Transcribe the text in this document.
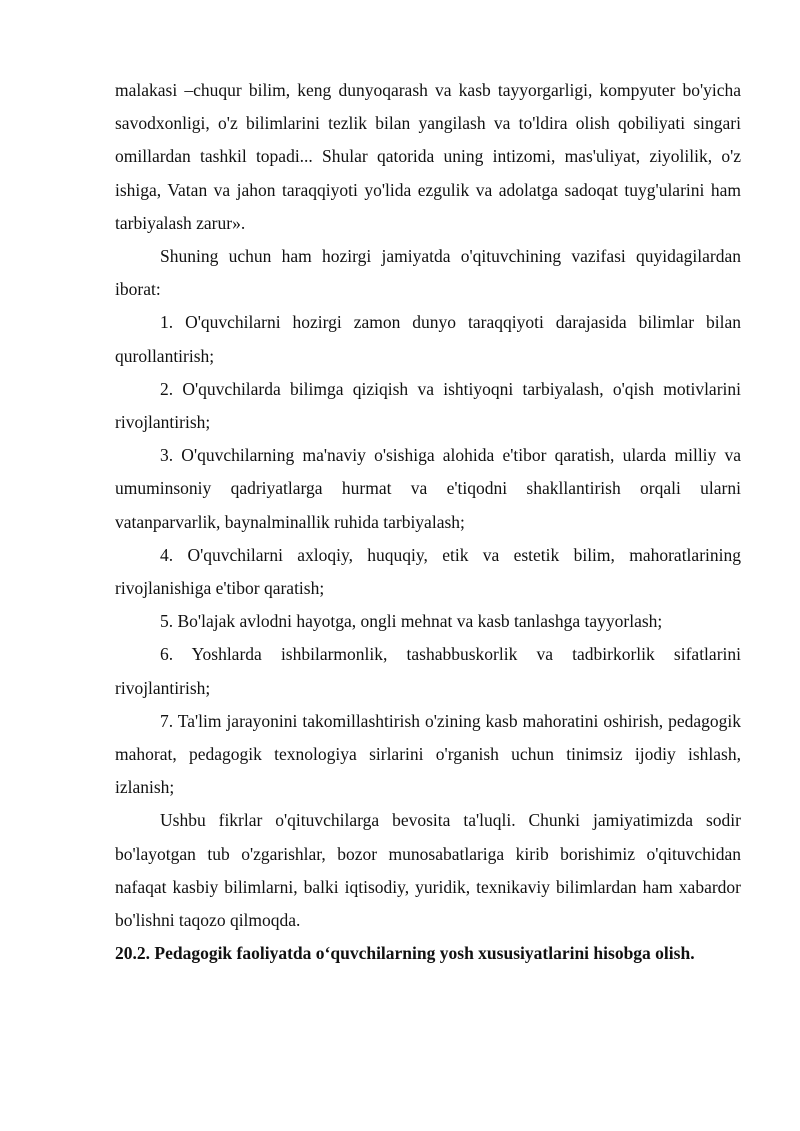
malakasi –chuqur bilim, keng dunyoqarash va kasb tayyorgarligi, kompyuter bo'yicha savodxonligi, o'z bilimlarini tezlik bilan yangilash va to'ldira olish qobiliyati singari omillardan tashkil topadi... Shular qatorida uning intizomi, mas'uliyat, ziyolilik, o'z ishiga, Vatan va jahon taraqqiyoti yo'lida ezgulik va adolatga sadoqat tuyg'ularini ham tarbiyalash zarur».

Shuning uchun ham hozirgi jamiyatda o'qituvchining vazifasi quyidagilardan iborat:

1. O'quvchilarni hozirgi zamon dunyo taraqqiyoti darajasida bilimlar bilan qurollantirish;

2. O'quvchilarda bilimga qiziqish va ishtiyoqni tarbiyalash, o'qish motivlarini rivojlantirish;

3. O'quvchilarning ma'naviy o'sishiga alohida e'tibor qaratish, ularda milliy va umuminsoniy qadriyatlarga hurmat va e'tiqodni shakllantirish orqali ularni vatanparvarlik, baynalminallik ruhida tarbiyalash;

4. O'quvchilarni axloqiy, huquqiy, etik va estetik bilim, mahoratlarining rivojlanishiga e'tibor qaratish;

5. Bo'lajak avlodni hayotga, ongli mehnat va kasb tanlashga tayyorlash;

6. Yoshlarda ishbilarmonlik, tashabbuskorlik va tadbirkorlik sifatlarini rivojlantirish;

7. Ta'lim jarayonini takomillashtirish o'zining kasb mahoratini oshirish, pedagogik mahorat, pedagogik texnologiya sirlarini o'rganish uchun tinimsiz ijodiy ishlash, izlanish;

Ushbu fikrlar o'qituvchilarga bevosita ta'luqli. Chunki jamiyatimizda sodir bo'layotgan tub o'zgarishlar, bozor munosabatlariga kirib borishimiz o'qituvchidan nafaqat kasbiy bilimlarni, balki iqtisodiy, yuridik, texnikaviy bilimlardan ham xabardor bo'lishni taqozo qilmoqda.

20.2. Pedagogik faoliyatda o‘quvchilarning yosh xususiyatlarini hisobga olish.
